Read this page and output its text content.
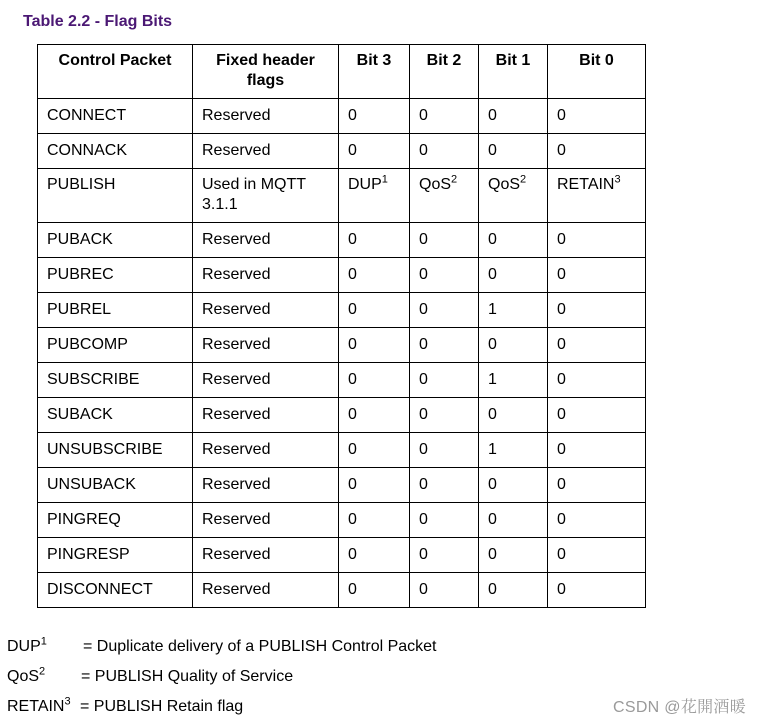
Table 2.2 - Flag Bits
Control Packet	Fixed header flags	Bit 3	Bit 2	Bit 1	Bit 0
CONNECT	Reserved	0	0	0	0
CONNACK	Reserved	0	0	0	0
PUBLISH	Used in MQTT 3.1.1	DUP$^1$	QoS$^2$	QoS$^2$	RETAIN$^3$
PUBACK	Reserved	0	0	0	0
PUBREC	Reserved	0	0	0	0
PUBREL	Reserved	0	0	1	0
PUBCOMP	Reserved	0	0	0	0
SUBSCRIBE	Reserved	0	0	1	0
SUBACK	Reserved	0	0	0	0
UNSUBSCRIBE	Reserved	0	0	1	0
UNSUBACK	Reserved	0	0	0	0
PINGREQ	Reserved	0	0	0	0
PINGRESP	Reserved	0	0	0	0
DISCONNECT	Reserved	0	0	0	0
$DUP^1$ = Duplicate delivery of a PUBLISH Control Packet
QoS$^2$ = PUBLISH Quality of Service
$RETAIN^3$ = PUBLISH Retain flag	CSDN @花開酒暖
